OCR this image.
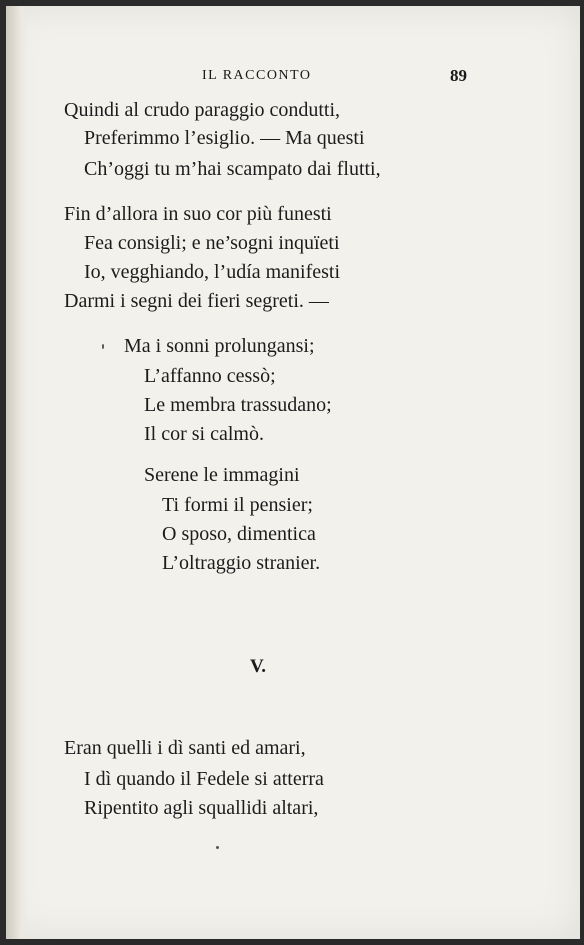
IL RACCONTO	89
Quindi al crudo paraggio condutti,
Preferimmo l’esiglio. — Ma questi
Ch’oggi tu m’hai scampato dai flutti,
Fin d’allora in suo cor più funesti
Fea consigli; e ne’sogni inquïeti
Io, vegghiando, l’udía manifesti
Darmi i segni dei fieri segreti. —
Ma i sonni prolungansi;
L’affanno cessò;
Le membra trassudano;
Il cor si calmò.
Serene le immagini
Ti formi il pensier;
O sposo, dimentica
L’oltraggio stranier.
V.
Eran quelli i dì santi ed amari,
I dì quando il Fedele si atterra
Ripentito agli squallidi altari,
